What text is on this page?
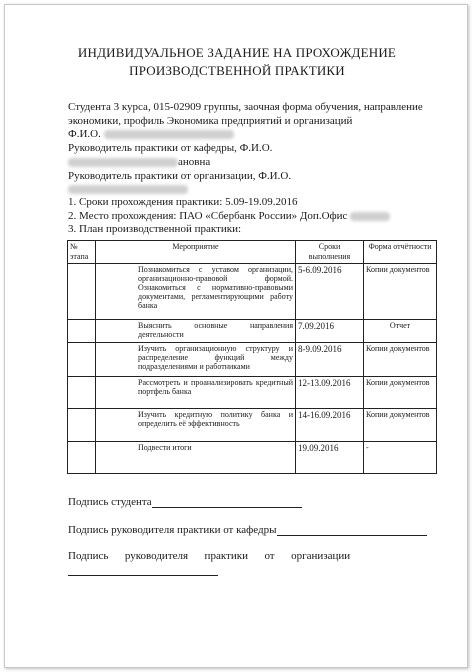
ИНДИВИДУАЛЬНОЕ ЗАДАНИЕ НА ПРОХОЖДЕНИЕ
ПРОИЗВОДСТВЕННОЙ ПРАКТИКИ
Студента 3 курса, 015-02909 группы, заочная форма обучения, направление
экономики, профиль Экономика предприятий и организаций
Ф.И.О.
Руководитель практики от кафедры, Ф.И.О.
ановна
Руководитель практики от организации, Ф.И.О.
1. Сроки прохождения практики: 5.09-19.09.2016
2. Место прохождения: ПАО «Сбербанк России» Доп.Офис
3. План производственной практики:
№ этапа	Мероприятие	Сроки выполнения	Форма отчётности
	Познакомиться с уставом организации, организационно-правовой формой. Ознакомиться с нормативно-правовыми документами, регламентирующими работу банка	5-6.09.2016	Копии документов
	Выяснить основные направления деятельности	7.09.2016	Отчет
	Изучить организационную структуру и распределение функций между подразделениями и работниками	8-9.09.2016	Копии документов
	Рассмотреть и проанализировать кредитный портфель банка	12-13.09.2016	Копии документов
	Изучить кредитную политику банка и определить её эффективность	14-16.09.2016	Копии документов
	Подвести итоги	19.09.2016	-
Подпись студента
Подпись руководителя практики от кафедры
Подпись      руководителя      практики      от      организации
